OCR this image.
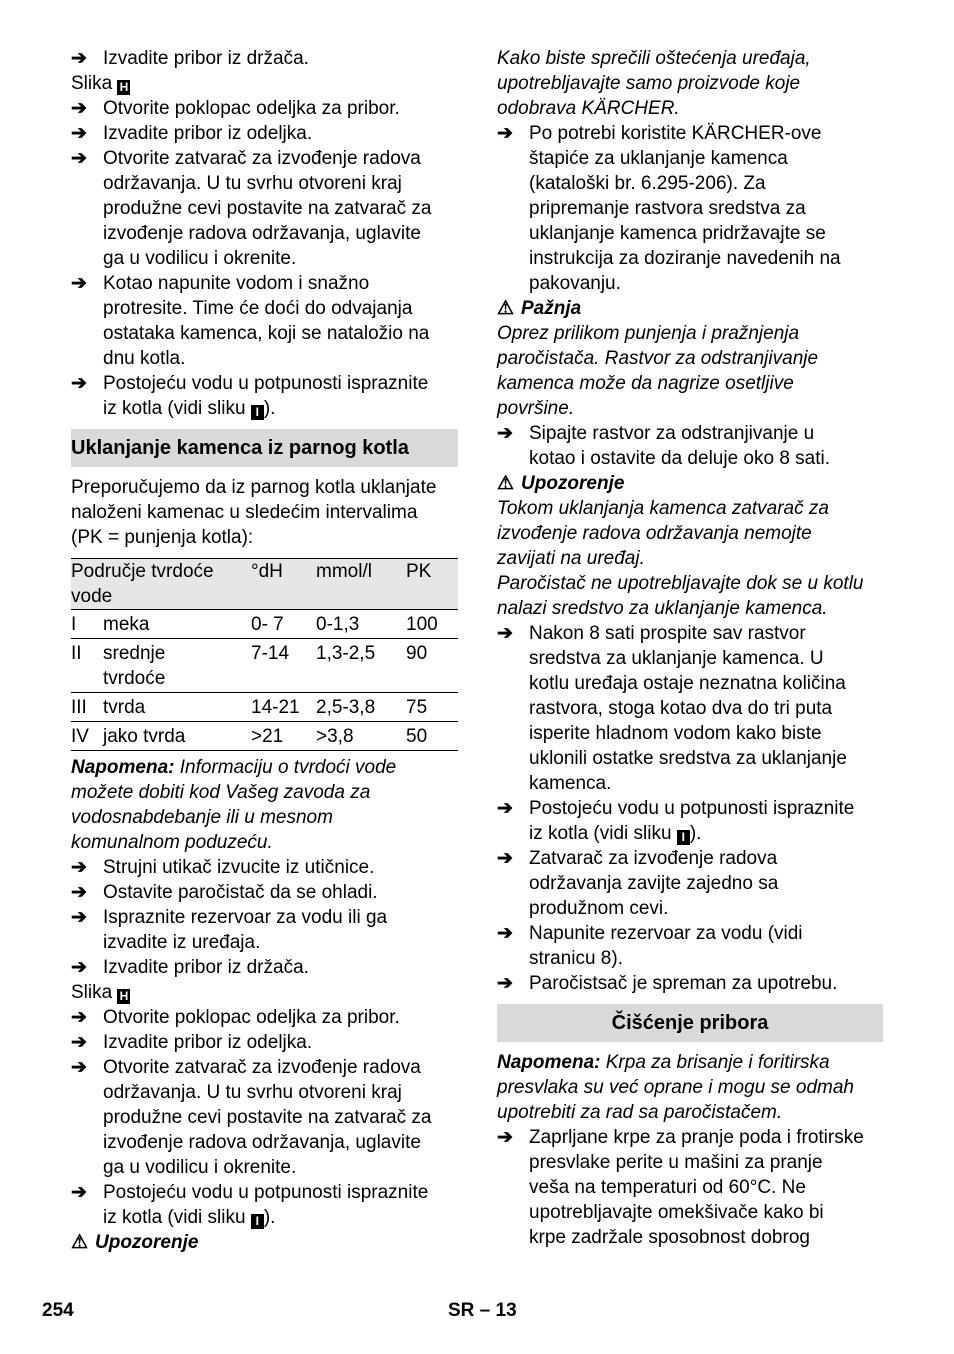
➔ Izvadite pribor iz držača.
Slika H
➔ Otvorite poklopac odeljka za pribor.
➔ Izvadite pribor iz odeljka.
➔ Otvorite zatvarač za izvođenje radova
održavanja. U tu svrhu otvoreni kraj
produžne cevi postavite na zatvarač za
izvođenje radova održavanja, uglavite
ga u vodilicu i okrenite.
➔ Kotao napunite vodom i snažno
protresite. Time će doći do odvajanja
ostataka kamenca, koji se nataložio na
dnu kotla.
➔ Postojeću vodu u potpunosti ispraznite
iz kotla (vidi sliku I ).
Uklanjanje kamenca iz parnog kotla
Preporučujemo da iz parnog kotla uklanjate
naloženi kamenac u sledećim intervalima
(PK = punjenja kotla):
Područje tvrdoće
vode		°dH	mmol/l	PK
I	meka	0- 7	0-1,3	100
II	srednje
tvrdoće	7-14	1,3-2,5	90
III	tvrda	14-21	2,5-3,8	75
IV	jako tvrda	>21	>3,8	50
Napomena: Informaciju o tvrdoći vode
možete dobiti kod Vašeg zavoda za
vodosnabdebanje ili u mesnom
komunalnom poduzeću.
➔ Strujni utikač izvucite iz utičnice.
➔ Ostavite paročistač da se ohladi.
➔ Ispraznite rezervoar za vodu ili ga
izvadite iz uređaja.
➔ Izvadite pribor iz držača.
Slika H
➔ Otvorite poklopac odeljka za pribor.
➔ Izvadite pribor iz odeljka.
➔ Otvorite zatvarač za izvođenje radova
održavanja. U tu svrhu otvoreni kraj
produžne cevi postavite na zatvarač za
izvođenje radova održavanja, uglavite
ga u vodilicu i okrenite.
➔ Postojeću vodu u potpunosti ispraznite
iz kotla (vidi sliku I ).
⚠ Upozorenje
Kako biste sprečili oštećenja uređaja,
upotrebljavajte samo proizvode koje
odobrava KÄRCHER.
➔ Po potrebi koristite KÄRCHER-ove
štapiće za uklanjanje kamenca
(kataloški br. 6.295-206). Za
pripremanje rastvora sredstva za
uklanjanje kamenca pridržavajte se
instrukcija za doziranje navedenih na
pakovanju.
⚠ Pažnja
Oprez prilikom punjenja i pražnjenja
paročistača. Rastvor za odstranjivanje
kamenca može da nagrize osetljive
površine.
➔ Sipajte rastvor za odstranjivanje u
kotao i ostavite da deluje oko 8 sati.
⚠ Upozorenje
Tokom uklanjanja kamenca zatvarač za
izvođenje radova održavanja nemojte
zavijati na uređaj.
Paročistač ne upotrebljavajte dok se u kotlu
nalazi sredstvo za uklanjanje kamenca.
➔ Nakon 8 sati prospite sav rastvor
sredstva za uklanjanje kamenca. U
kotlu uređaja ostaje neznatna količina
rastvora, stoga kotao dva do tri puta
isperite hladnom vodom kako biste
uklonili ostatke sredstva za uklanjanje
kamenca.
➔ Postojeću vodu u potpunosti ispraznite
iz kotla (vidi sliku I ).
➔ Zatvarač za izvođenje radova
održavanja zavijte zajedno sa
produžnom cevi.
➔ Napunite rezervoar za vodu (vidi
stranicu 8).
➔ Paročistsač je spreman za upotrebu.
Čišćenje pribora
Napomena: Krpa za brisanje i foritirska
presvlaka su već oprane i mogu se odmah
upotrebiti za rad sa paročistačem.
➔ Zaprljane krpe za pranje poda i frotirske
presvlake perite u mašini za pranje
veša na temperaturi od 60°C. Ne
upotrebljavajte omekšivače kako bi
krpe zadržale sposobnost dobrog
254	SR – 13
